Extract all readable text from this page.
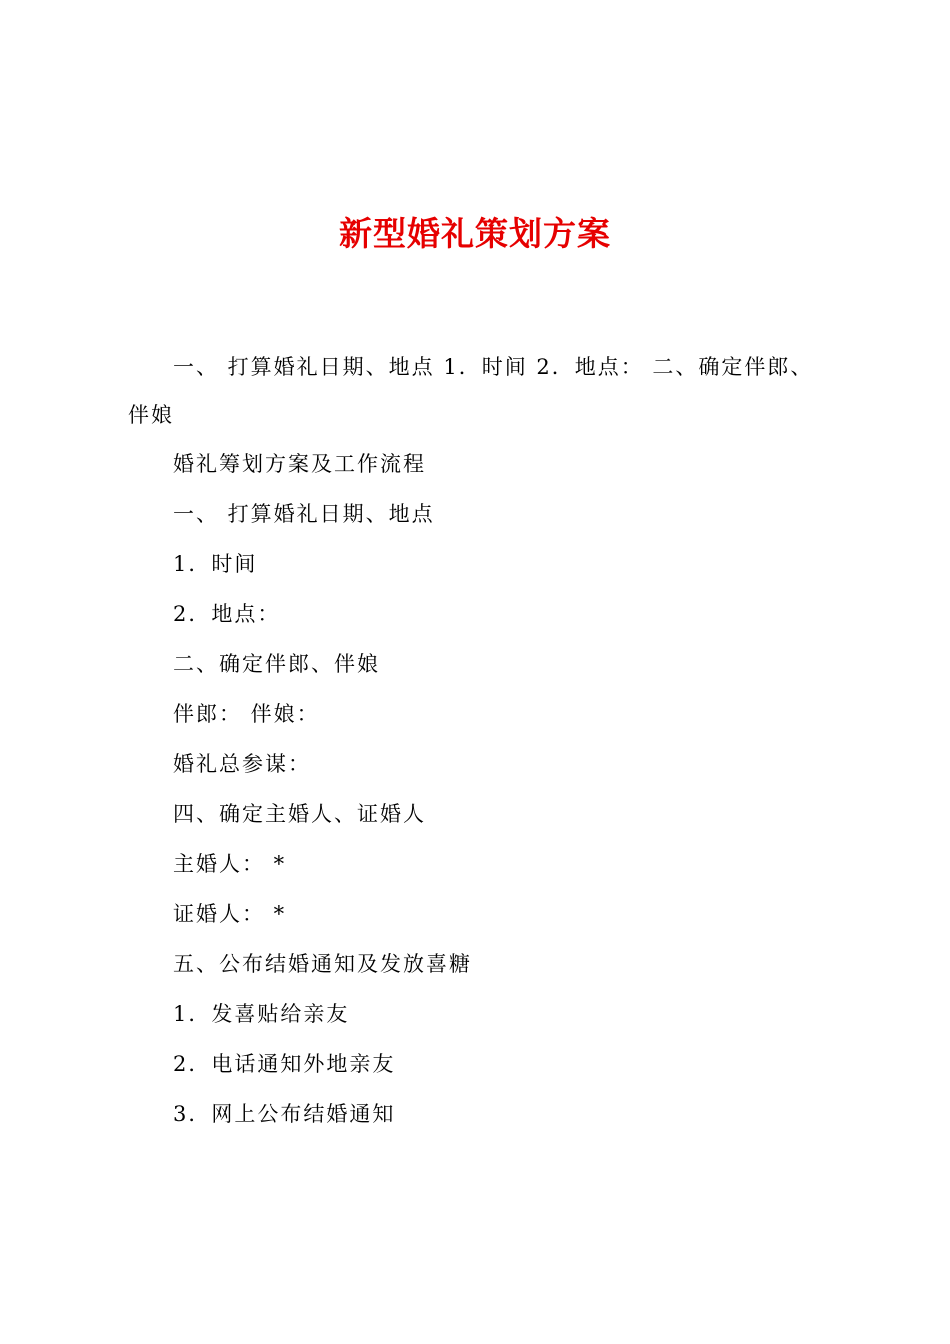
新型婚礼策划方案

一、 打算婚礼日期、地点 1．时间 2．地点： 二、确定伴郎、伴娘

婚礼筹划方案及工作流程
一、 打算婚礼日期、地点
1．时间
2．地点：
二、确定伴郎、伴娘
伴郎： 伴娘：
婚礼总参谋：
四、确定主婚人、证婚人
主婚人： *
证婚人： *
五、公布结婚通知及发放喜糖
1．发喜贴给亲友
2．电话通知外地亲友
3．网上公布结婚通知
